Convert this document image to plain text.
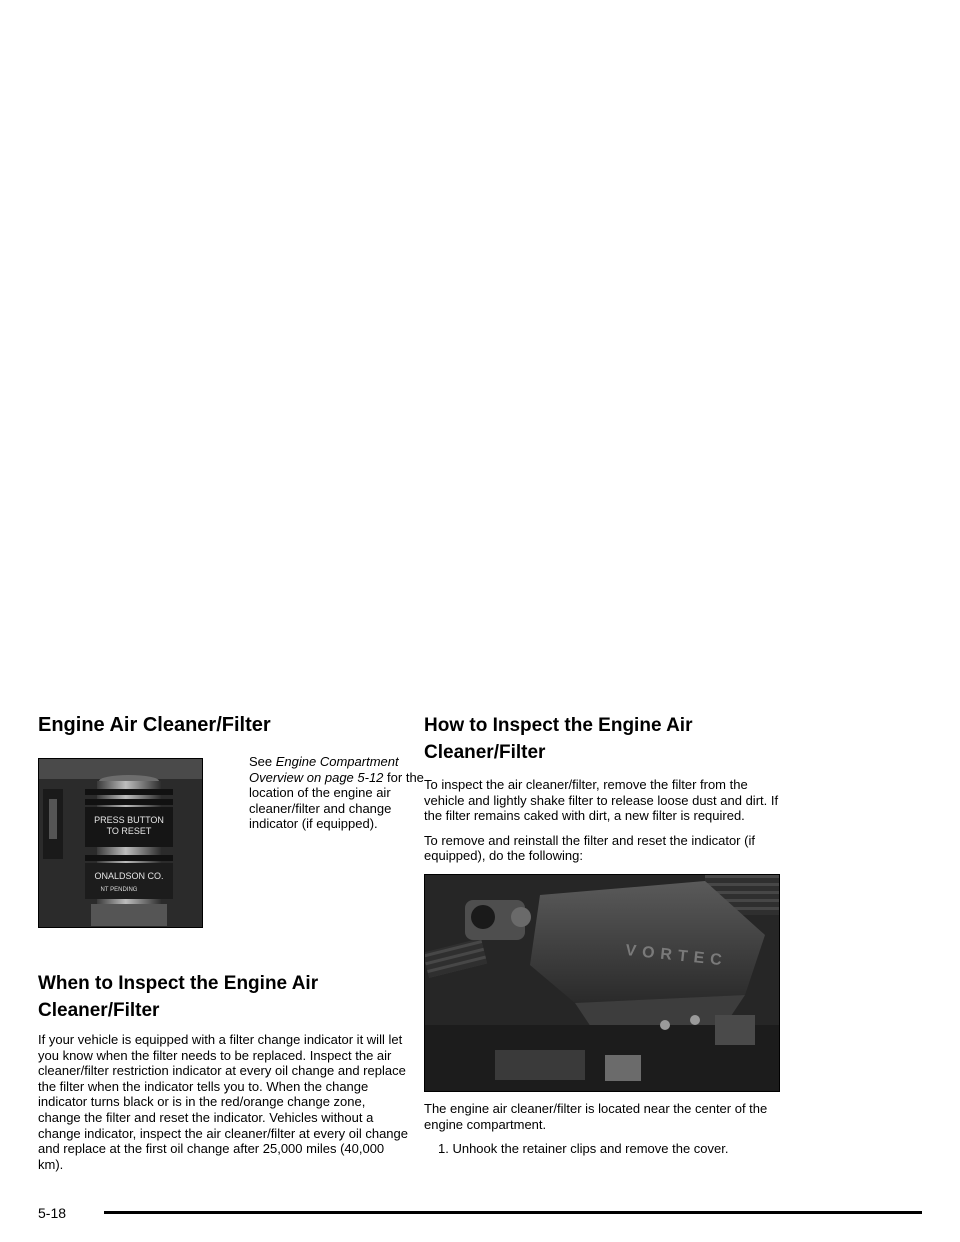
Engine Air Cleaner/Filter
PRESS BUTTON
TO RESET
ONALDSON CO.
NT PENDING

See Engine Compartment Overview on page 5-12 for the location of the engine air cleaner/filter and change indicator (if equipped).

When to Inspect the Engine Air Cleaner/Filter

If your vehicle is equipped with a filter change indicator it will let you know when the filter needs to be replaced. Inspect the air cleaner/filter restriction indicator at every oil change and replace the filter when the indicator tells you to. When the change indicator turns black or is in the red/orange change zone, change the filter and reset the indicator. Vehicles without a change indicator, inspect the air cleaner/filter at every oil change and replace at the first oil change after 25,000 miles (40,000 km).

How to Inspect the Engine Air Cleaner/Filter

To inspect the air cleaner/filter, remove the filter from the vehicle and lightly shake filter to release loose dust and dirt. If the filter remains caked with dirt, a new filter is required.

To remove and reinstall the filter and reset the indicator (if equipped), do the following:

VORTEC

The engine air cleaner/filter is located near the center of the engine compartment.

1. Unhook the retainer clips and remove the cover.

5-18
